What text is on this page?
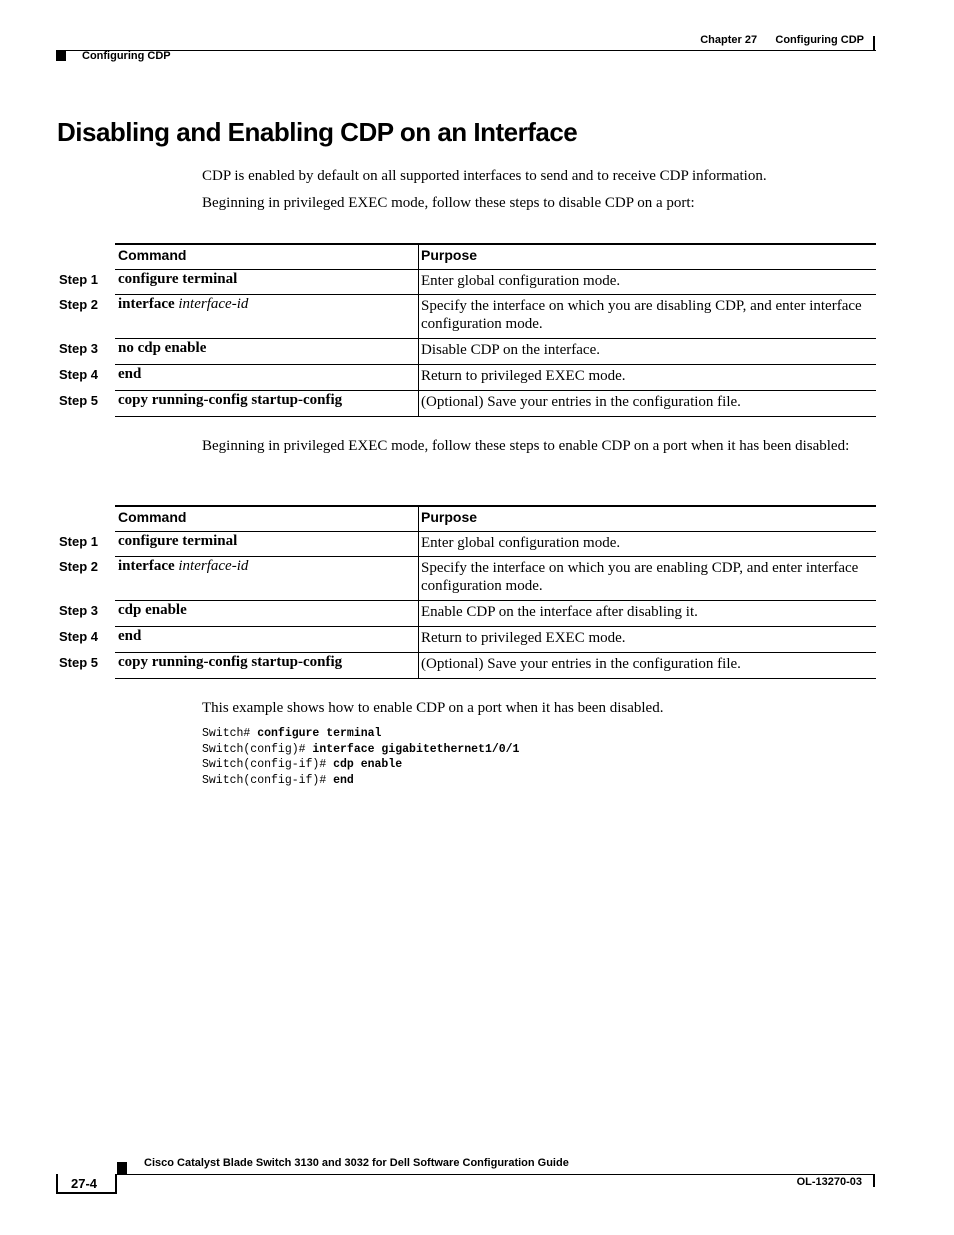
Chapter 27      Configuring CDP
Configuring CDP
Disabling and Enabling CDP on an Interface
CDP is enabled by default on all supported interfaces to send and to receive CDP information.
Beginning in privileged EXEC mode, follow these steps to disable CDP on a port:
Command	Purpose
Step 1 configure terminal	Enter global configuration mode.
Step 2 interface interface-id	Specify the interface on which you are disabling CDP, and enter interface configuration mode.
Step 3 no cdp enable	Disable CDP on the interface.
Step 4 end	Return to privileged EXEC mode.
Step 5 copy running-config startup-config	(Optional) Save your entries in the configuration file.
Beginning in privileged EXEC mode, follow these steps to enable CDP on a port when it has been disabled:
Command	Purpose
Step 1 configure terminal	Enter global configuration mode.
Step 2 interface interface-id	Specify the interface on which you are enabling CDP, and enter interface configuration mode.
Step 3 cdp enable	Enable CDP on the interface after disabling it.
Step 4 end	Return to privileged EXEC mode.
Step 5 copy running-config startup-config	(Optional) Save your entries in the configuration file.
This example shows how to enable CDP on a port when it has been disabled.
Switch# configure terminal
Switch(config)# interface gigabitethernet1/0/1
Switch(config-if)# cdp enable
Switch(config-if)# end
Cisco Catalyst Blade Switch 3130 and 3032 for Dell Software Configuration Guide
27-4	OL-13270-03
